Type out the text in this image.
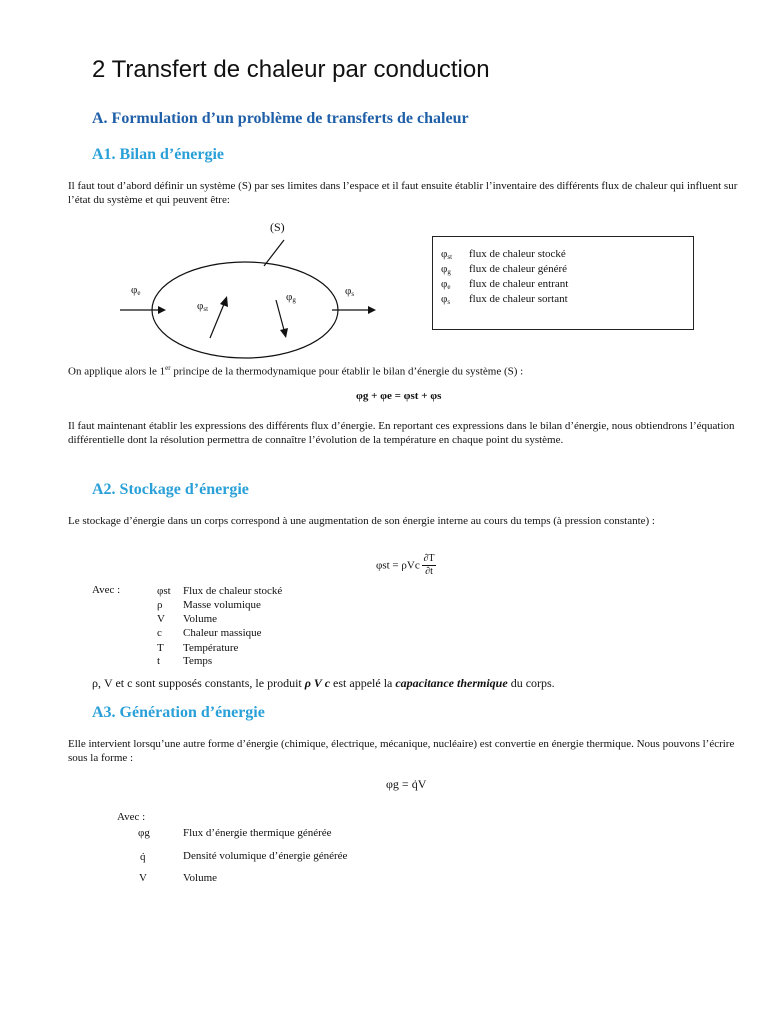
2 Transfert de chaleur par conduction
A. Formulation d’un problème de transferts de chaleur
A1. Bilan d’énergie
Il faut tout d’abord définir un système (S) par ses limites dans l’espace et il faut ensuite établir l’inventaire des différents flux de chaleur qui influent sur l’état du système et qui peuvent être:
(S)
$\varphi_e$
$\varphi_{st}$
$\varphi_g$
$\varphi_s$
$\varphi_{st}$	flux de chaleur stocké
$\varphi_g$	flux de chaleur généré
$\varphi_e$	flux de chaleur entrant
$\varphi_s$	flux de chaleur sortant
On applique alors le 1er principe de la thermodynamique pour établir le bilan d’énergie du système (S) :
φg + φe = φst + φs
Il faut maintenant établir les expressions des différents flux d’énergie. En reportant ces expressions dans le bilan d’énergie, nous obtiendrons l’équation différentielle dont la résolution permettra de connaître l’évolution de la température en chaque point du système.
A2. Stockage d’énergie
Le stockage d’énergie dans un corps correspond à une augmentation de son énergie interne au cours du temps (à pression constante) :
φst = ρVc $\frac{\partial T}{\partial t}$
Avec :	φst Flux de chaleur stocké
ρ Masse volumique
V Volume
c Chaleur massique
T Température
t Temps
ρ, V et c sont supposés constants, le produit ρ V c est appelé la capacitance thermique du corps.
A3. Génération d’énergie
Elle intervient lorsqu’une autre forme d’énergie (chimique, électrique, mécanique, nucléaire) est convertie en énergie thermique. Nous pouvons l’écrire sous la forme :
φg = q̇V
Avec :
φg	Flux d’énergie thermique générée
q̇	Densité volumique d’énergie générée
V	Volume
